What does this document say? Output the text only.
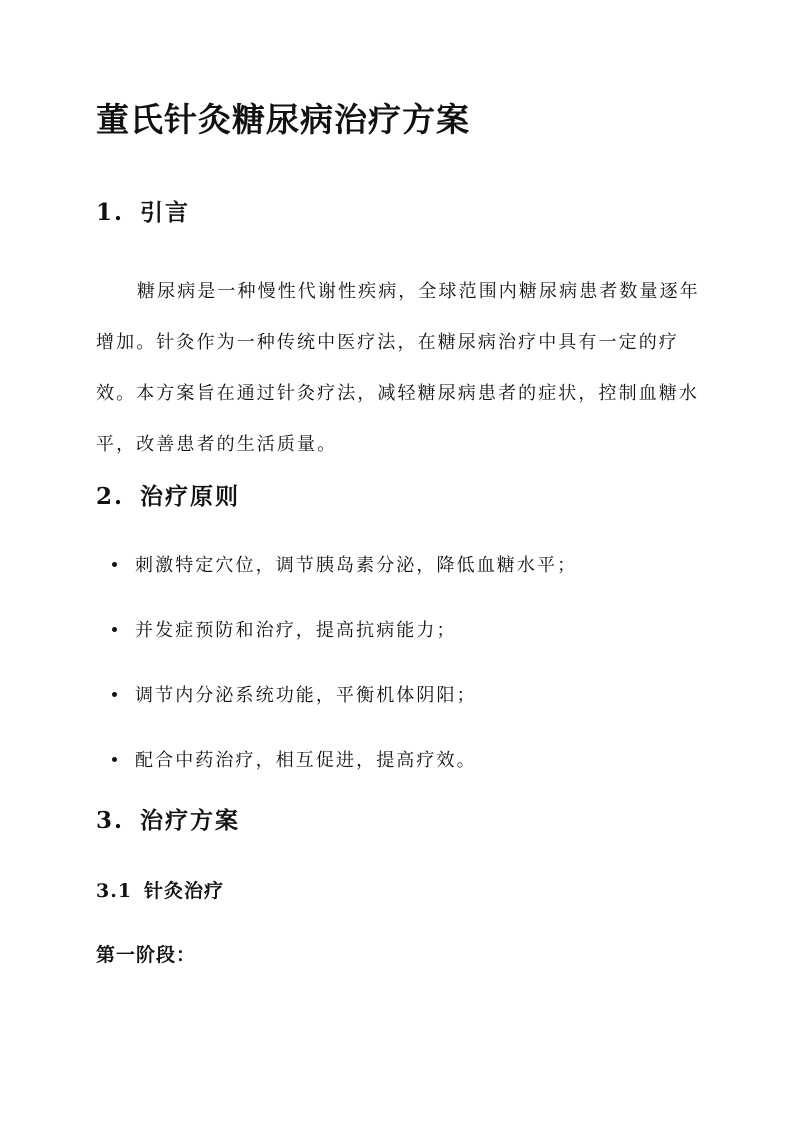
董氏针灸糖尿病治疗方案
1. 引言

糖尿病是一种慢性代谢性疾病，全球范围内糖尿病患者数量逐年增加。针灸作为一种传统中医疗法，在糖尿病治疗中具有一定的疗效。本方案旨在通过针灸疗法，减轻糖尿病患者的症状，控制血糖水平，改善患者的生活质量。

2. 治疗原则
刺激特定穴位，调节胰岛素分泌，降低血糖水平；
并发症预防和治疗，提高抗病能力；
调节内分泌系统功能，平衡机体阴阳；
配合中药治疗，相互促进，提高疗效。
3. 治疗方案
3.1 针灸治疗

第一阶段：
